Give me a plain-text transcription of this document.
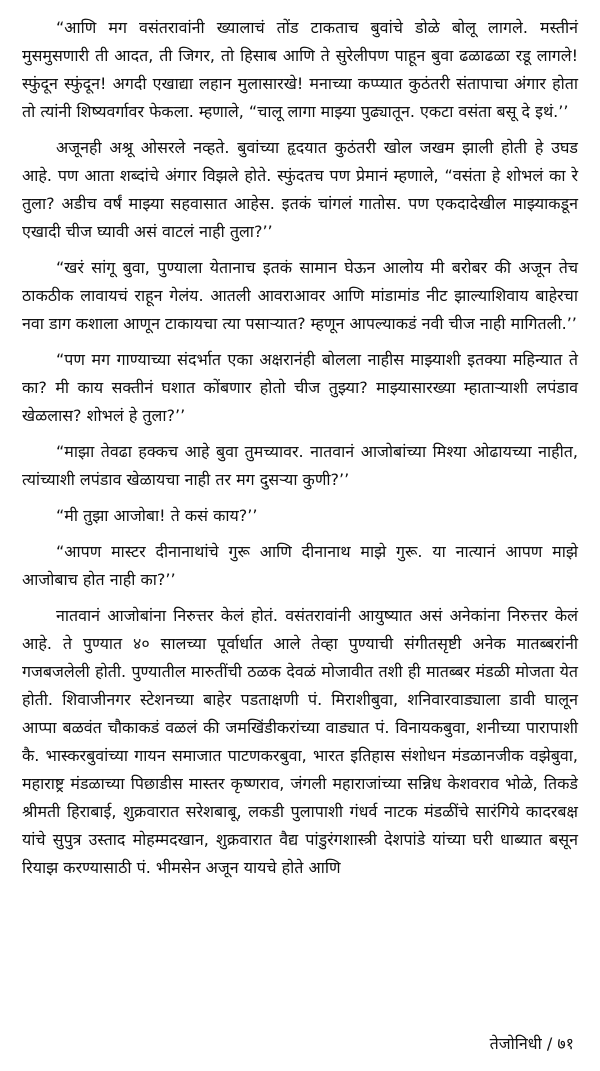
“आणि मग वसंतरावांनी ख्यालाचं तोंड टाकताच बुवांचे डोळे बोलू लागले. मस्तीनं मुसमुसणारी ती आदत, ती जिगर, तो हिसाब आणि ते सुरेलीपण पाहून बुवा ढळाढळा रडू लागले! स्फुंदून स्फुंदून! अगदी एखाद्या लहान मुलासारखे! मनाच्या कप्प्यात कुठंतरी संतापाचा अंगार होता तो त्यांनी शिष्यवर्गावर फेकला. म्हणाले, “चालू लागा माझ्या पुढ्यातून. एकटा वसंता बसू दे इथं.’’

अजूनही अश्रू ओसरले नव्हते. बुवांच्या हृदयात कुठंतरी खोल जखम झाली होती हे उघड आहे. पण आता शब्दांचे अंगार विझले होते. स्फुंदतच पण प्रेमानं म्हणाले, “वसंता हे शोभलं का रे तुला? अडीच वर्षं माझ्या सहवासात आहेस. इतकं चांगलं गातोस. पण एकदादेखील माझ्याकडून एखादी चीज घ्यावी असं वाटलं नाही तुला?’’

“खरं सांगू बुवा, पुण्याला येतानाच इतकं सामान घेऊन आलोय मी बरोबर की अजून तेच ठाकठीक लावायचं राहून गेलंय. आतली आवराआवर आणि मांडामांड नीट झाल्याशिवाय बाहेरचा नवा डाग कशाला आणून टाकायचा त्या पसाऱ्यात? म्हणून आपल्याकडं नवी चीज नाही मागितली.’’

“पण मग गाण्याच्या संदर्भात एका अक्षरानंही बोलला नाहीस माझ्याशी इतक्या महिन्यात ते का? मी काय सक्तीनं घशात कोंबणार होतो चीज तुझ्या? माझ्यासारख्या म्हाताऱ्याशी लपंडाव खेळलास? शोभलं हे तुला?’’

“माझा तेवढा हक्कच आहे बुवा तुमच्यावर. नातवानं आजोबांच्या मिश्या ओढायच्या नाहीत, त्यांच्याशी लपंडाव खेळायचा नाही तर मग दुसऱ्या कुणी?’’

“मी तुझा आजोबा! ते कसं काय?’’

“आपण मास्टर दीनानाथांचे गुरू आणि दीनानाथ माझे गुरू. या नात्यानं आपण माझे आजोबाच होत नाही का?’’

नातवानं आजोबांना निरुत्तर केलं होतं. वसंतरावांनी आयुष्यात असं अनेकांना निरुत्तर केलं आहे. ते पुण्यात ४० सालच्या पूर्वार्धात आले तेव्हा पुण्याची संगीतसृष्टी अनेक मातब्बरांनी गजबजलेली होती. पुण्यातील मारुतींची ठळक देवळं मोजावीत तशी ही मातब्बर मंडळी मोजता येत होती. शिवाजीनगर स्टेशनच्या बाहेर पडताक्षणी पं. मिराशीबुवा, शनिवारवाड्याला डावी घालून आप्पा बळवंत चौकाकडं वळलं की जमखिंडीकरांच्या वाड्यात पं. विनायकबुवा, शनीच्या पारापाशी कै. भास्करबुवांच्या गायन समाजात पाटणकरबुवा, भारत इतिहास संशोधन मंडळानजीक वझेबुवा, महाराष्ट्र मंडळाच्या पिछाडीस मास्तर कृष्णराव, जंगली महाराजांच्या सन्निध केशवराव भोळे, तिकडे श्रीमती हिराबाई, शुक्रवारात सरेशबाबू, लकडी पुलापाशी गंधर्व नाटक मंडळींचे सारंगिये कादरबक्ष यांचे सुपुत्र उस्ताद मोहम्मदखान, शुक्रवारात वैद्य पांडुरंगशास्त्री देशपांडे यांच्या घरी धाब्यात बसून रियाझ करण्यासाठी पं. भीमसेन अजून यायचे होते आणि

तेजोनिधी / ७१
